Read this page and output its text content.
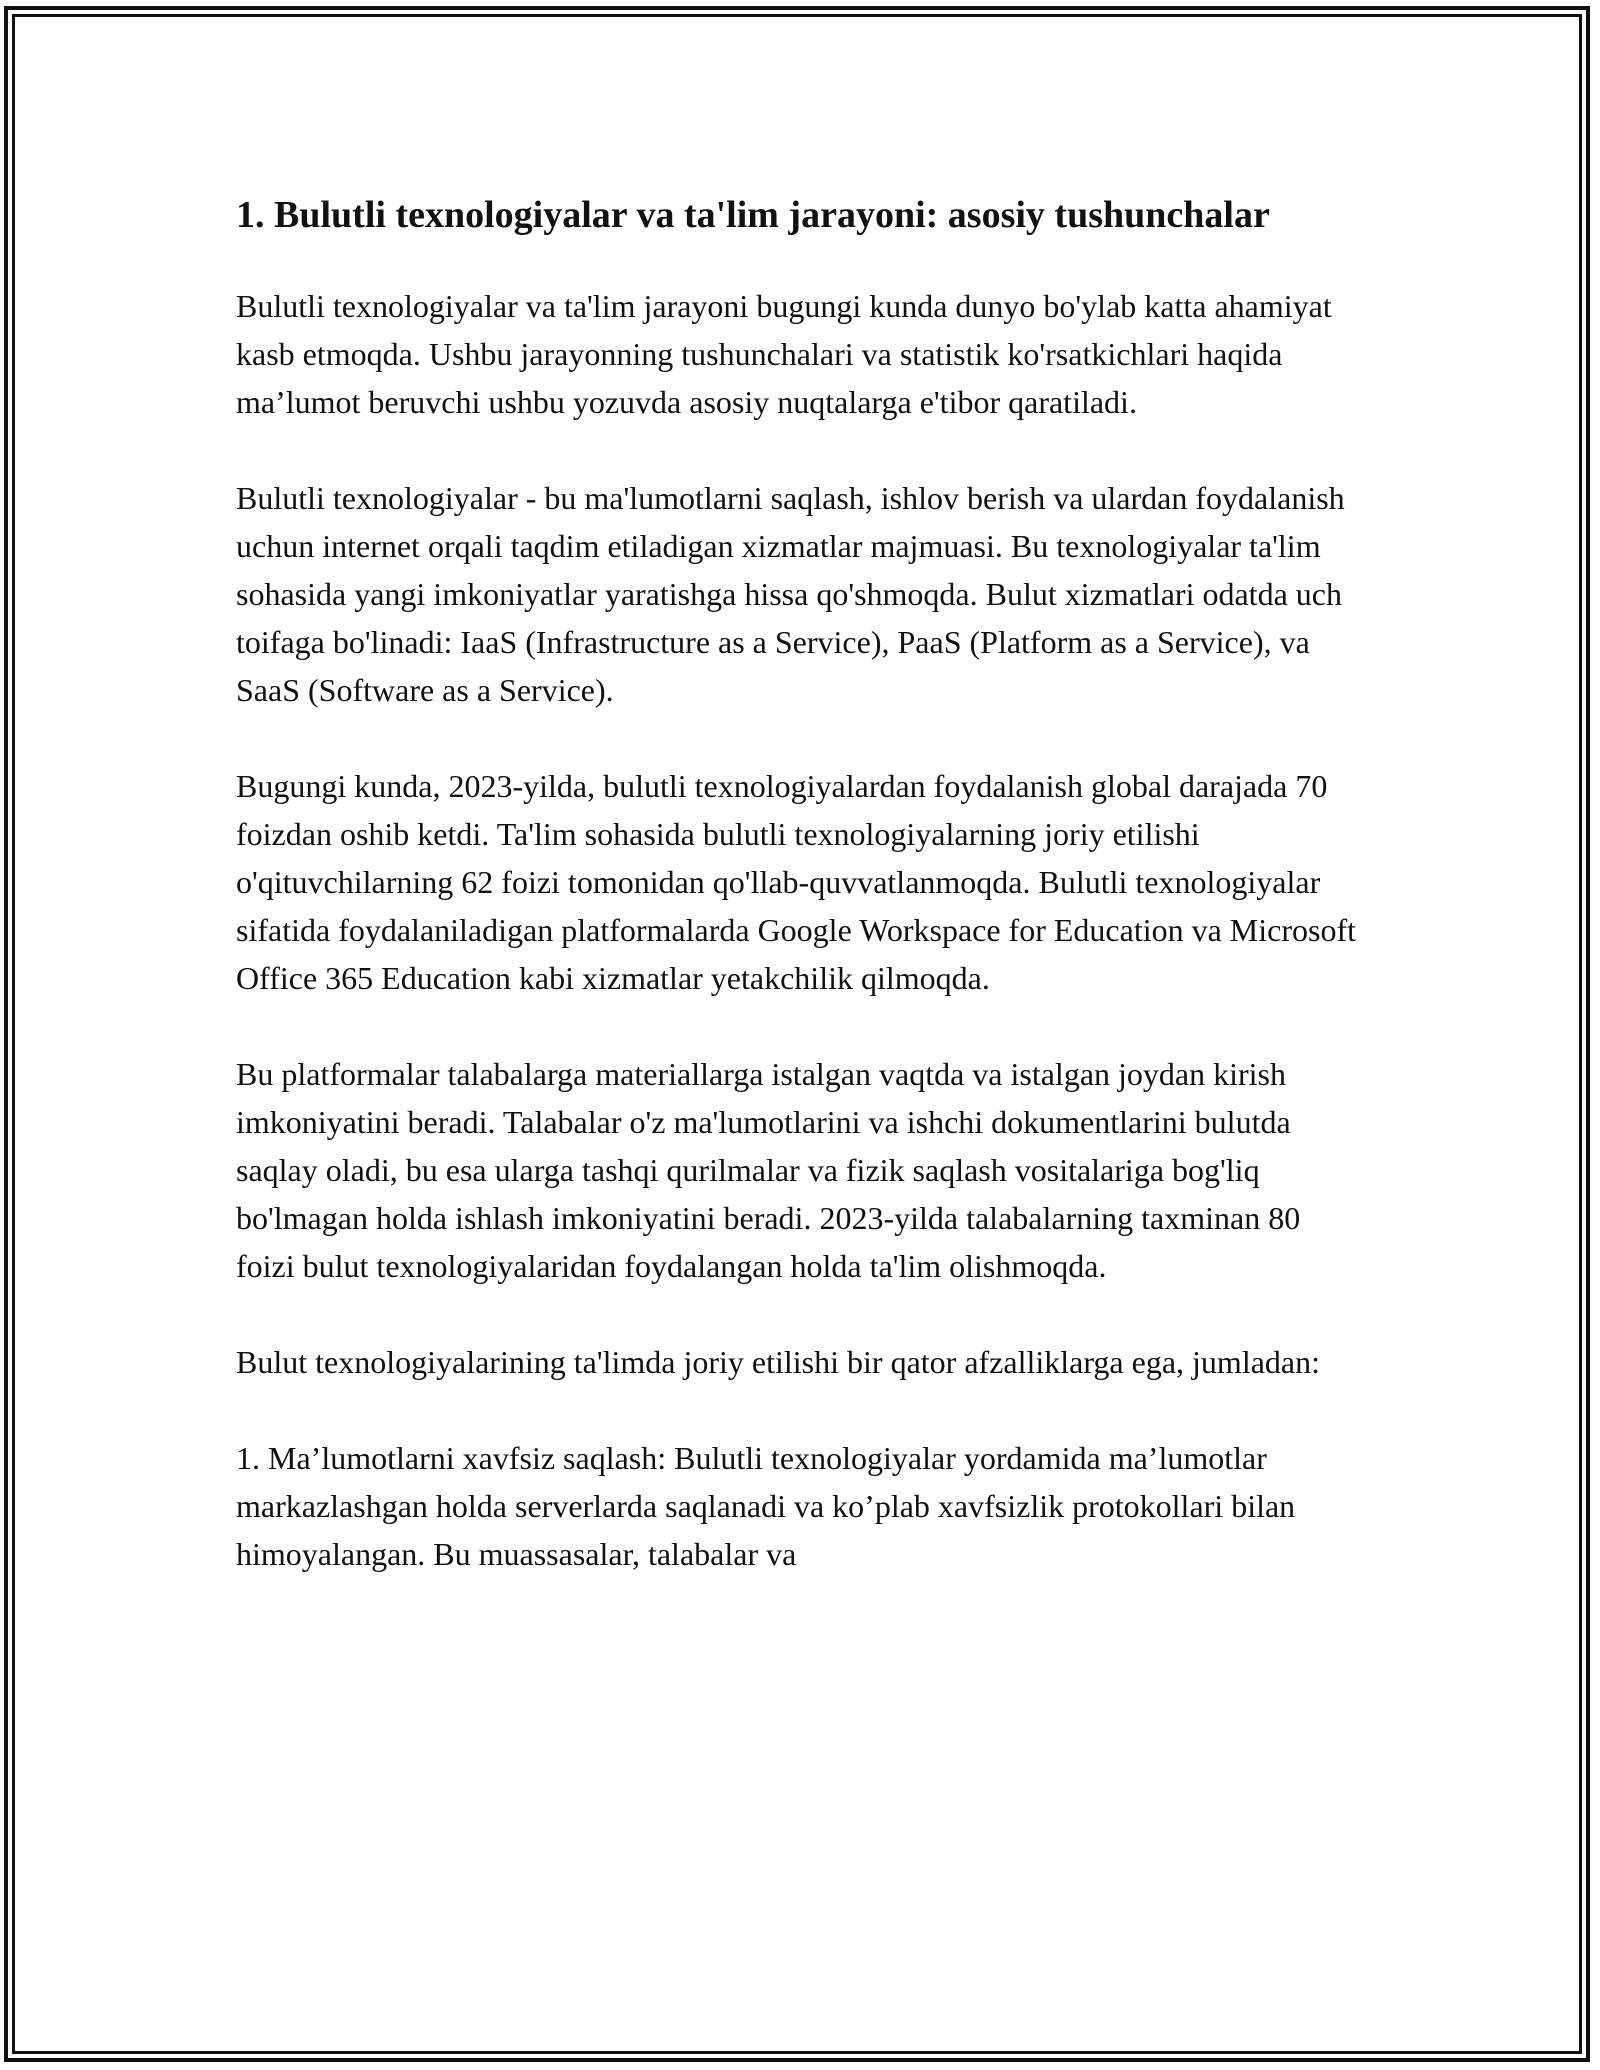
1. Bulutli texnologiyalar va ta'lim jarayoni: asosiy tushunchalar

Bulutli texnologiyalar va ta'lim jarayoni bugungi kunda dunyo bo'ylab katta ahamiyat kasb etmoqda. Ushbu jarayonning tushunchalari va statistik ko'rsatkichlari haqida ma’lumot beruvchi ushbu yozuvda asosiy nuqtalarga e'tibor qaratiladi.

Bulutli texnologiyalar - bu ma'lumotlarni saqlash, ishlov berish va ulardan foydalanish uchun internet orqali taqdim etiladigan xizmatlar majmuasi. Bu texnologiyalar ta'lim sohasida yangi imkoniyatlar yaratishga hissa qo'shmoqda. Bulut xizmatlari odatda uch toifaga bo'linadi: IaaS (Infrastructure as a Service), PaaS (Platform as a Service), va SaaS (Software as a Service).

Bugungi kunda, 2023-yilda, bulutli texnologiyalardan foydalanish global darajada 70 foizdan oshib ketdi. Ta'lim sohasida bulutli texnologiyalarning joriy etilishi o'qituvchilarning 62 foizi tomonidan qo'llab-quvvatlanmoqda. Bulutli texnologiyalar sifatida foydalaniladigan platformalarda Google Workspace for Education va Microsoft Office 365 Education kabi xizmatlar yetakchilik qilmoqda.

Bu platformalar talabalarga materiallarga istalgan vaqtda va istalgan joydan kirish imkoniyatini beradi. Talabalar o'z ma'lumotlarini va ishchi dokumentlarini bulutda saqlay oladi, bu esa ularga tashqi qurilmalar va fizik saqlash vositalariga bog'liq bo'lmagan holda ishlash imkoniyatini beradi. 2023-yilda talabalarning taxminan 80 foizi bulut texnologiyalaridan foydalangan holda ta'lim olishmoqda.

Bulut texnologiyalarining ta'limda joriy etilishi bir qator afzalliklarga ega, jumladan:

1. Ma’lumotlarni xavfsiz saqlash: Bulutli texnologiyalar yordamida ma’lumotlar markazlashgan holda serverlarda saqlanadi va ko’plab xavfsizlik protokollari bilan himoyalangan. Bu muassasalar, talabalar va
